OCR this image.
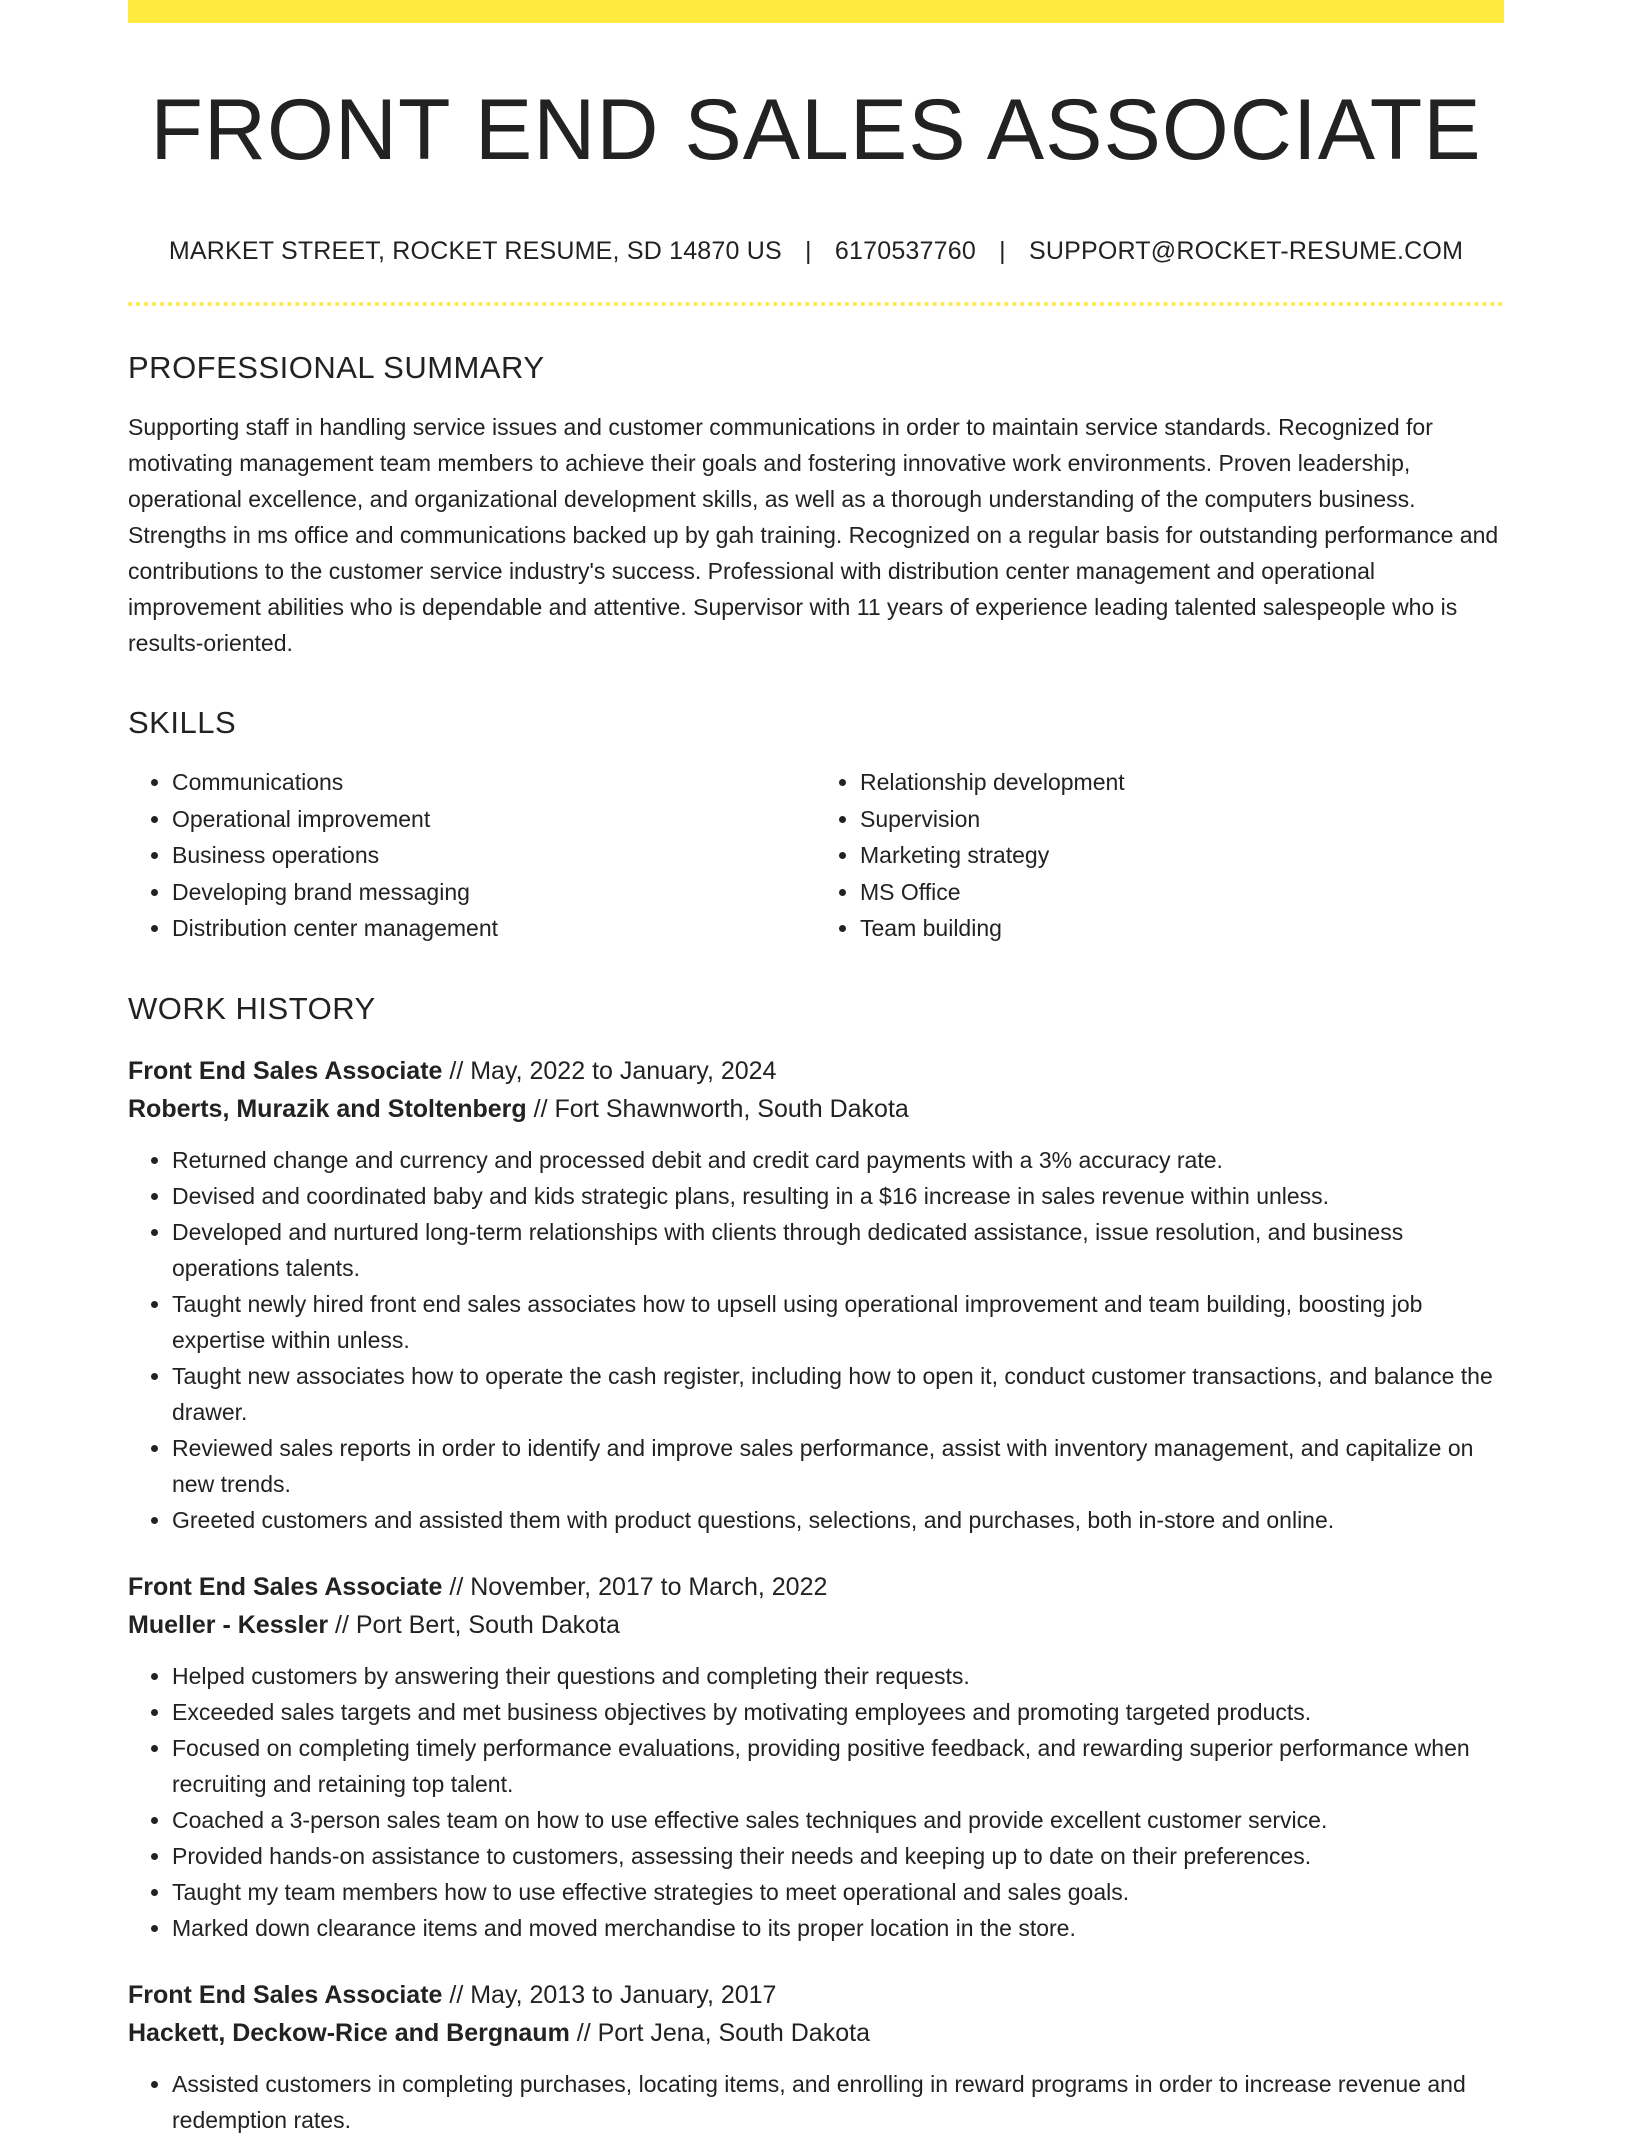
FRONT END SALES ASSOCIATE
MARKET STREET, ROCKET RESUME, SD 14870 US | 6170537760 | SUPPORT@ROCKET-RESUME.COM
PROFESSIONAL SUMMARY
Supporting staff in handling service issues and customer communications in order to maintain service standards. Recognized for motivating management team members to achieve their goals and fostering innovative work environments. Proven leadership, operational excellence, and organizational development skills, as well as a thorough understanding of the computers business. Strengths in ms office and communications backed up by gah training. Recognized on a regular basis for outstanding performance and contributions to the customer service industry's success. Professional with distribution center management and operational improvement abilities who is dependable and attentive. Supervisor with 11 years of experience leading talented salespeople who is results-oriented.
SKILLS
• Communications
• Operational improvement
• Business operations
• Developing brand messaging
• Distribution center management
• Relationship development
• Supervision
• Marketing strategy
• MS Office
• Team building
WORK HISTORY
Front End Sales Associate // May, 2022 to January, 2024
Roberts, Murazik and Stoltenberg // Fort Shawnworth, South Dakota
• Returned change and currency and processed debit and credit card payments with a 3% accuracy rate.
• Devised and coordinated baby and kids strategic plans, resulting in a $16 increase in sales revenue within unless.
• Developed and nurtured long-term relationships with clients through dedicated assistance, issue resolution, and business operations talents.
• Taught newly hired front end sales associates how to upsell using operational improvement and team building, boosting job expertise within unless.
• Taught new associates how to operate the cash register, including how to open it, conduct customer transactions, and balance the drawer.
• Reviewed sales reports in order to identify and improve sales performance, assist with inventory management, and capitalize on new trends.
• Greeted customers and assisted them with product questions, selections, and purchases, both in-store and online.
Front End Sales Associate // November, 2017 to March, 2022
Mueller - Kessler // Port Bert, South Dakota
• Helped customers by answering their questions and completing their requests.
• Exceeded sales targets and met business objectives by motivating employees and promoting targeted products.
• Focused on completing timely performance evaluations, providing positive feedback, and rewarding superior performance when recruiting and retaining top talent.
• Coached a 3-person sales team on how to use effective sales techniques and provide excellent customer service.
• Provided hands-on assistance to customers, assessing their needs and keeping up to date on their preferences.
• Taught my team members how to use effective strategies to meet operational and sales goals.
• Marked down clearance items and moved merchandise to its proper location in the store.
Front End Sales Associate // May, 2013 to January, 2017
Hackett, Deckow-Rice and Bergnaum // Port Jena, South Dakota
• Assisted customers in completing purchases, locating items, and enrolling in reward programs in order to increase revenue and redemption rates.
